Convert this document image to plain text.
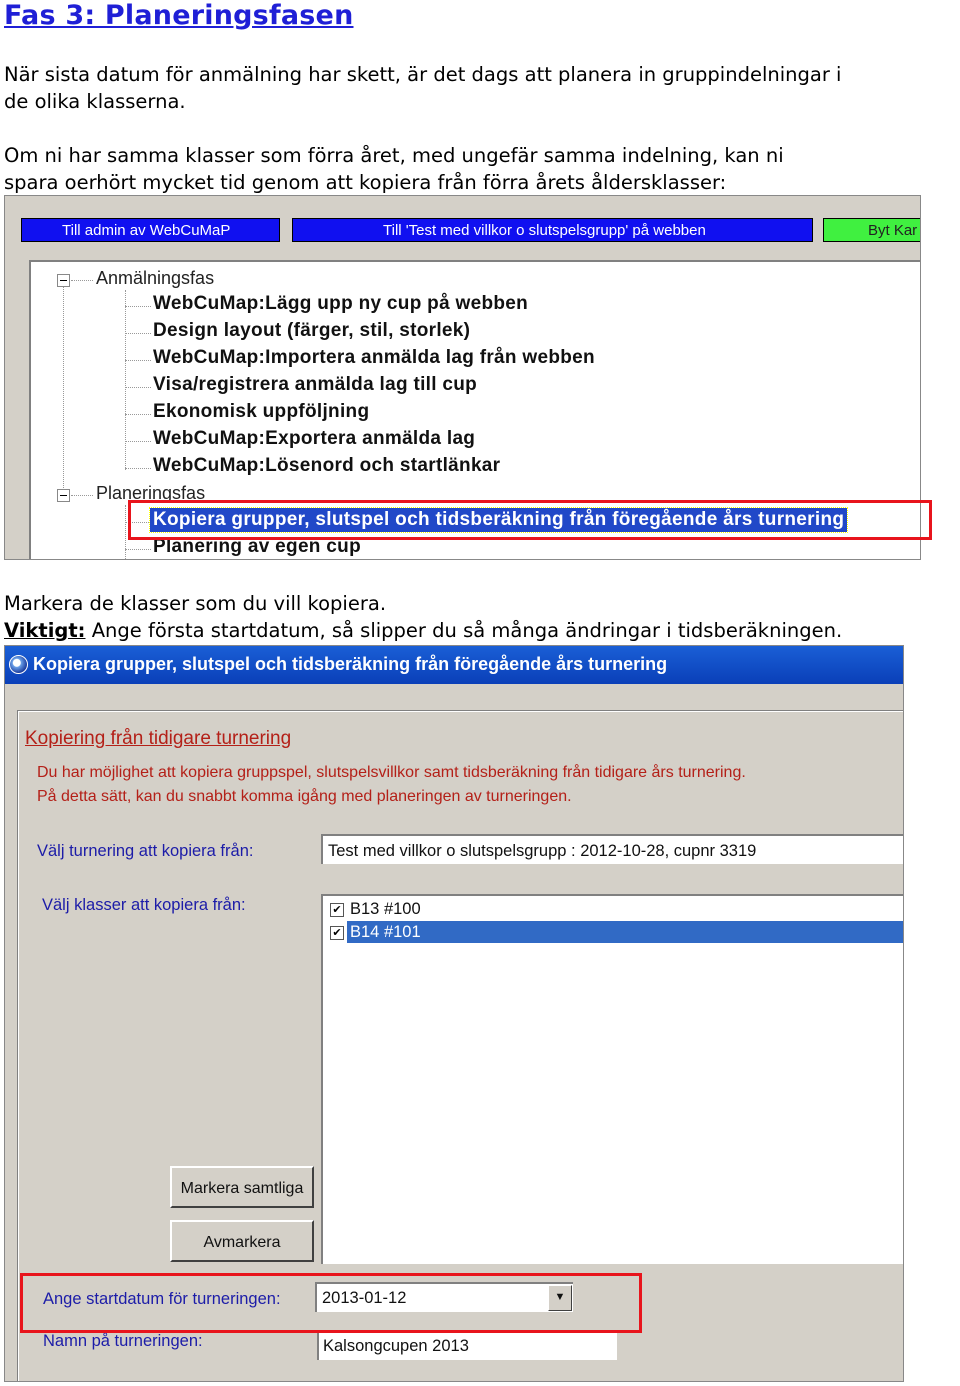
Fas 3: Planeringsfasen
När sista datum för anmälning har skett, är det dags att planera in gruppindelningar i
de olika klasserna.
Om ni har samma klasser som förra året, med ungefär samma indelning, kan ni
spara oerhört mycket tid genom att kopiera från förra årets åldersklasser:
Till admin av WebCuMaP	Till 'Test med villkor o slutspelsgrupp' på webben	Byt Kar
Anmälningsfas
WebCuMap:Lägg upp ny cup på webben
Design layout (färger, stil, storlek)
WebCuMap:Importera anmälda lag från webben
Visa/registrera anmälda lag till cup
Ekonomisk uppföljning
WebCuMap:Exportera anmälda lag
WebCuMap:Lösenord och startlänkar
Planeringsfas
Kopiera grupper, slutspel och tidsberäkning från föregående års turnering
Planering av egen cup
Markera de klasser som du vill kopiera.
Viktigt: Ange första startdatum, så slipper du så många ändringar i tidsberäkningen.
Kopiera grupper, slutspel och tidsberäkning från föregående års turnering
Kopiering från tidigare turnering
Du har möjlighet att kopiera gruppspel, slutspelsvillkor samt tidsberäkning från tidigare års turnering.
På detta sätt, kan du snabbt komma igång med planeringen av turneringen.
Välj turnering att kopiera från:	Test med villkor o slutspelsgrupp : 2012-10-28, cupnr 3319
Välj klasser att kopiera från:	✔ B13 #100
✔ B14 #101
Markera samtliga
Avmarkera
Ange startdatum för turneringen:	2013-01-12	▼
Namn på turneringen:	Kalsongcupen 2013
